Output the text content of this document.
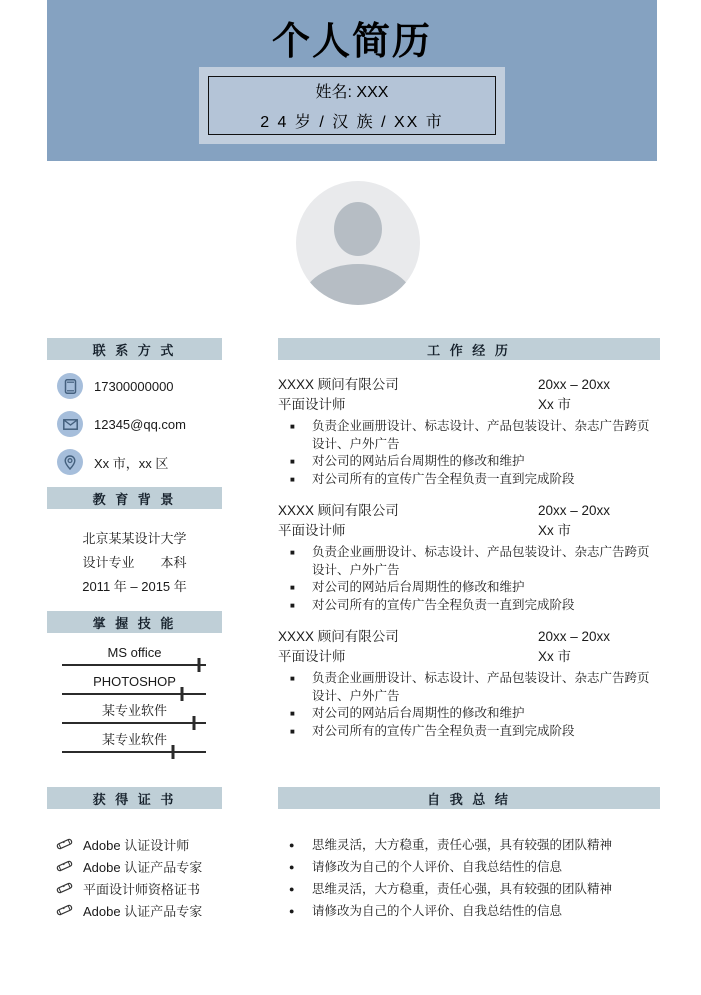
个人简历
姓名: XXX
2 4 岁 / 汉 族 / XX 市
联 系 方 式
17300000000
12345@qq.com
Xx 市，xx 区
教 育 背 景
北京某某设计大学
设计专业 本科
2011 年 – 2015 年
掌 握 技 能
MS office
PHOTOSHOP
某专业软件
某专业软件
获 得 证 书
Adobe 认证设计师
Adobe 认证产品专家
平面设计师资格证书
Adobe 认证产品专家
工 作 经 历
XXXX 顾问有限公司
平面设计师
20xx – 20xx
Xx 市
■ 负责企业画册设计、标志设计、产品包装设计、杂志广告跨页设计、户外广告
■ 对公司的网站后台周期性的修改和维护
■ 对公司所有的宣传广告全程负责一直到完成阶段
XXXX 顾问有限公司
平面设计师
20xx – 20xx
Xx 市
■ 负责企业画册设计、标志设计、产品包装设计、杂志广告跨页设计、户外广告
■ 对公司的网站后台周期性的修改和维护
■ 对公司所有的宣传广告全程负责一直到完成阶段
XXXX 顾问有限公司
平面设计师
20xx – 20xx
Xx 市
■ 负责企业画册设计、标志设计、产品包装设计、杂志广告跨页设计、户外广告
■ 对公司的网站后台周期性的修改和维护
■ 对公司所有的宣传广告全程负责一直到完成阶段
自 我 总 结
● 思维灵活，大方稳重，责任心强，具有较强的团队精神
● 请修改为自己的个人评价、自我总结性的信息
● 思维灵活，大方稳重，责任心强，具有较强的团队精神
● 请修改为自己的个人评价、自我总结性的信息
